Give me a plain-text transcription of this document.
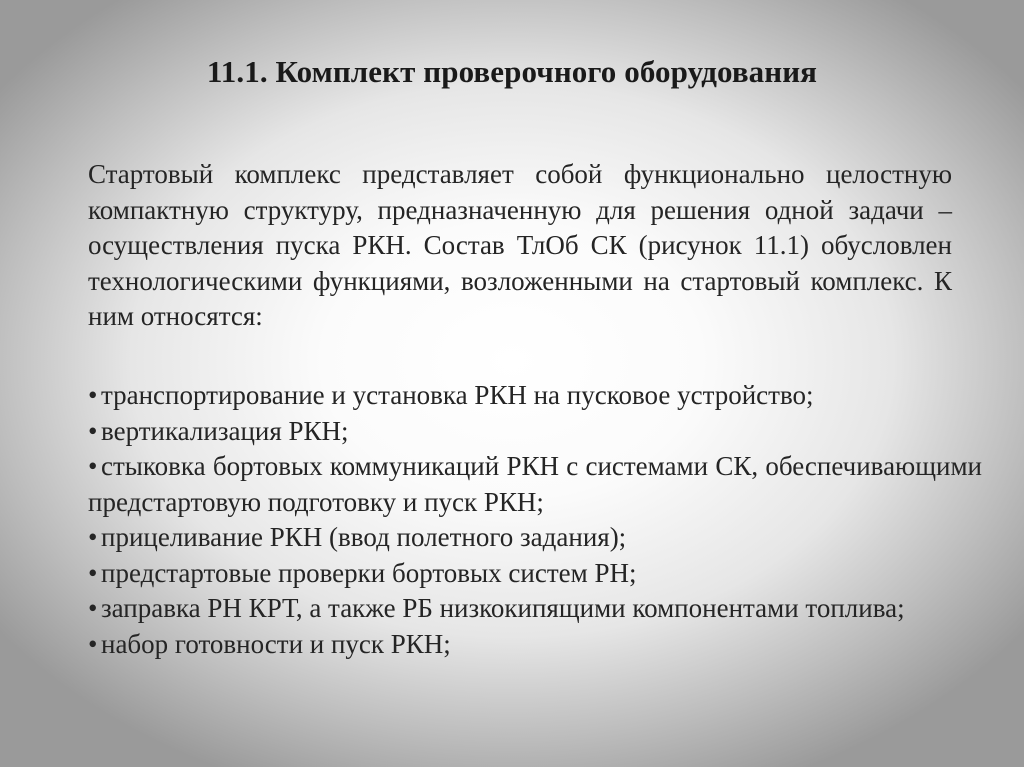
11.1. Комплект проверочного оборудования

Стартовый комплекс представляет собой функционально целостную компактную структуру, предназначенную для решения одной задачи – осуществления пуска РКН. Состав ТлОб СК (рисунок 11.1) обусловлен технологическими функциями, возложенными на стартовый комплекс. К ним относятся:

• транспортирование и установка РКН на пусковое устройство;
• вертикализация РКН;
• стыковка бортовых коммуникаций РКН с системами СК, обеспечивающими предстартовую подготовку и пуск РКН;
• прицеливание РКН (ввод полетного задания);
• предстартовые проверки бортовых систем РН;
• заправка РН КРТ, а также РБ низкокипящими компонентами топлива;
• набор готовности и пуск РКН;
